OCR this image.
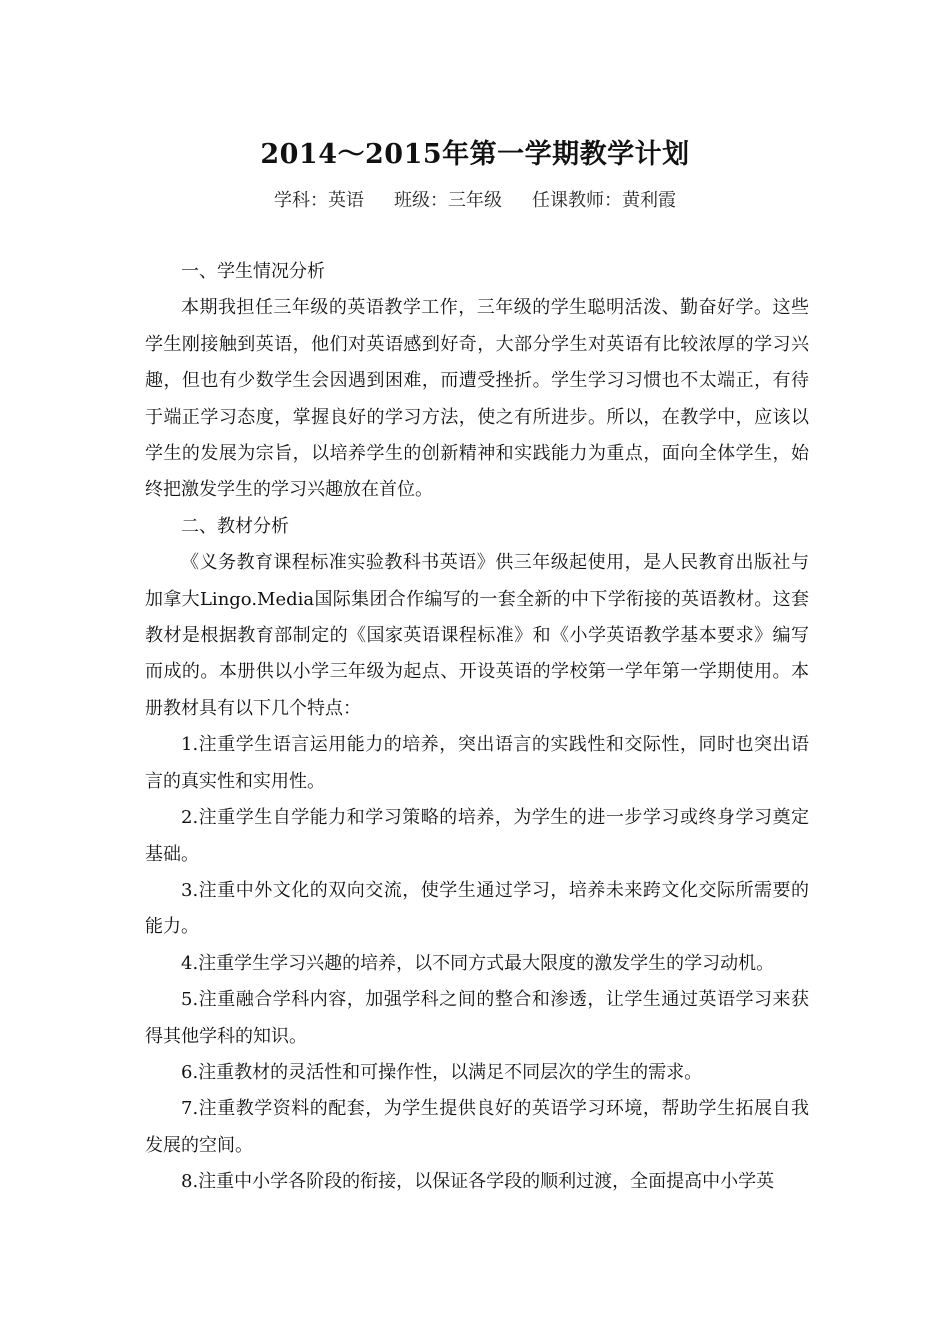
2014～2015年第一学期教学计划
学科：英语 班级：三年级 任课教师：黄利霞

一、学生情况分析

本期我担任三年级的英语教学工作，三年级的学生聪明活泼、勤奋好学。这些学生刚接触到英语，他们对英语感到好奇，大部分学生对英语有比较浓厚的学习兴趣，但也有少数学生会因遇到困难，而遭受挫折。学生学习习惯也不太端正，有待于端正学习态度，掌握良好的学习方法，使之有所进步。所以，在教学中，应该以学生的发展为宗旨，以培养学生的创新精神和实践能力为重点，面向全体学生，始终把激发学生的学习兴趣放在首位。

二、教材分析

《义务教育课程标准实验教科书英语》供三年级起使用，是人民教育出版社与加拿大Lingo.Media国际集团合作编写的一套全新的中下学衔接的英语教材。这套教材是根据教育部制定的《国家英语课程标准》和《小学英语教学基本要求》编写而成的。本册供以小学三年级为起点、开设英语的学校第一学年第一学期使用。本册教材具有以下几个特点：

1.注重学生语言运用能力的培养，突出语言的实践性和交际性，同时也突出语言的真实性和实用性。

2.注重学生自学能力和学习策略的培养，为学生的进一步学习或终身学习奠定基础。

3.注重中外文化的双向交流，使学生通过学习，培养未来跨文化交际所需要的能力。

4.注重学生学习兴趣的培养，以不同方式最大限度的激发学生的学习动机。

5.注重融合学科内容，加强学科之间的整合和渗透，让学生通过英语学习来获得其他学科的知识。

6.注重教材的灵活性和可操作性，以满足不同层次的学生的需求。

7.注重教学资料的配套，为学生提供良好的英语学习环境，帮助学生拓展自我发展的空间。

8.注重中小学各阶段的衔接，以保证各学段的顺利过渡，全面提高中小学英
